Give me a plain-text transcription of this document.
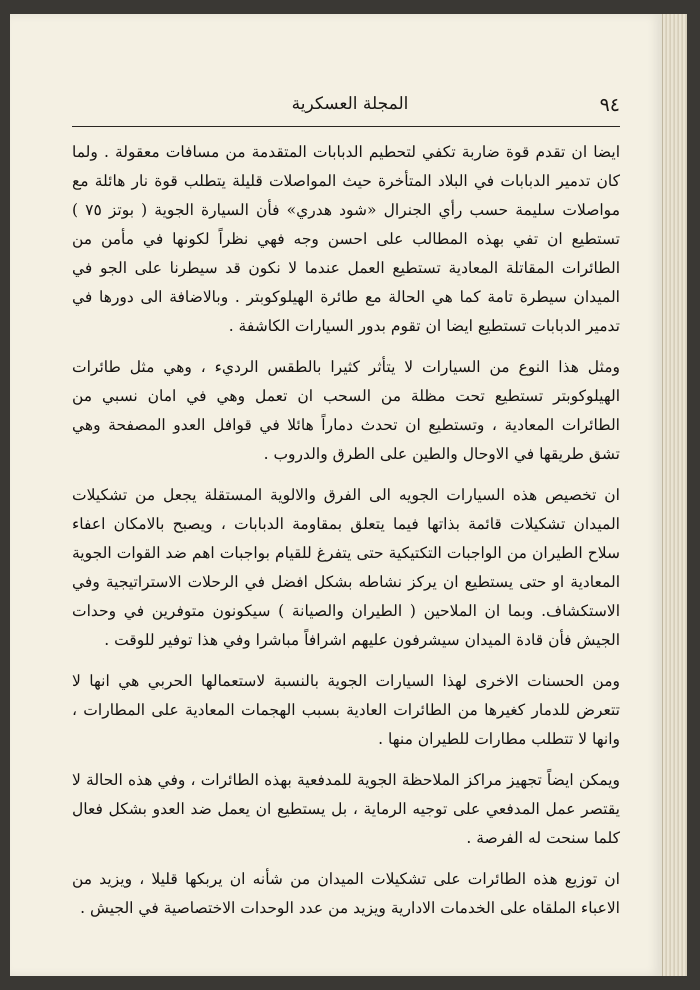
المجلة العسكرية	٩٤

ايضا ان تقدم قوة ضاربة تكفي لتحطيم الدبابات المتقدمة من مسافات معقولة . ولما كان تدمير الدبابات في البلاد المتأخرة حيث المواصلات قليلة يتطلب قوة نار هائلة مع مواصلات سليمة حسب رأي الجنرال «شود هدري» فأن السيارة الجوية ( بوتز ٧٥ ) تستطيع ان تفي بهذه المطالب على احسن وجه فهي نظراً لكونها في مأمن من الطائرات المقاتلة المعادية تستطيع العمل عندما لا نكون قد سيطرنا على الجو في الميدان سيطرة تامة كما هي الحالة مع طائرة الهيلوكوبتر . وبالاضافة الى دورها في تدمير الدبابات تستطيع ايضا ان تقوم بدور السيارات الكاشفة .

ومثل هذا النوع من السيارات لا يتأثر كثيرا بالطقس الرديء ، وهي مثل طائرات الهيلوكوبتر تستطيع تحت مظلة من السحب ان تعمل وهي في امان نسبي من الطائرات المعادية ، وتستطيع ان تحدث دماراً هائلا في قوافل العدو المصفحة وهي تشق طريقها في الاوحال والطين على الطرق والدروب .

ان تخصيص هذه السيارات الجويه الى الفرق والالوية المستقلة يجعل من تشكيلات الميدان تشكيلات قائمة بذاتها فيما يتعلق بمقاومة الدبابات ، ويصبح بالامكان اعفاء سلاح الطيران من الواجبات التكتيكية حتى يتفرغ للقيام بواجبات اهم ضد القوات الجوية المعادية او حتى يستطيع ان يركز نشاطه بشكل افضل في الرحلات الاستراتيجية وفي الاستكشاف. وبما ان الملاحين ( الطيران والصيانة ) سيكونون متوفرين في وحدات الجيش فأن قادة الميدان سيشرفون عليهم اشرافاً مباشرا وفي هذا توفير للوقت .

ومن الحسنات الاخرى لهذا السيارات الجوية بالنسبة لاستعمالها الحربي هي انها لا تتعرض للدمار كغيرها من الطائرات العادية بسبب الهجمات المعادية على المطارات ، وانها لا تتطلب مطارات للطيران منها .

ويمكن ايضاً تجهيز مراكز الملاحظة الجوية للمدفعية بهذه الطائرات ، وفي هذه الحالة لا يقتصر عمل المدفعي على توجيه الرماية ، بل يستطيع ان يعمل ضد العدو بشكل فعال كلما سنحت له الفرصة .

ان توزيع هذه الطائرات على تشكيلات الميدان من شأنه ان يربكها قليلا ، ويزيد من الاعباء الملقاه على الخدمات الادارية ويزيد من عدد الوحدات الاختصاصية في الجيش .
